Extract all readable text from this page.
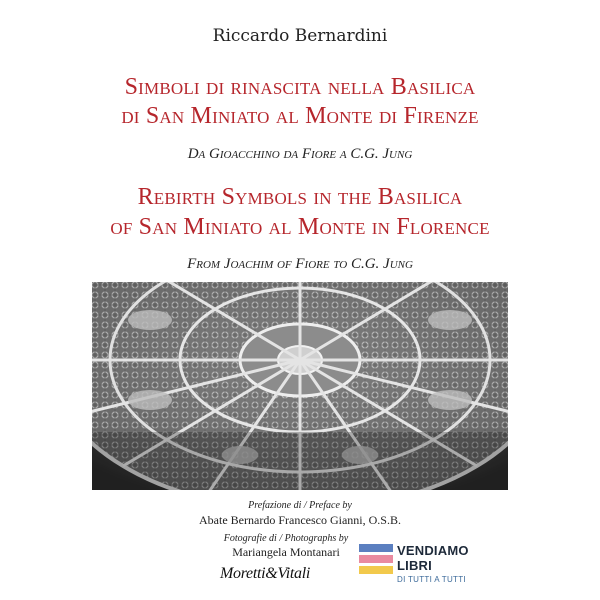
Riccardo Bernardini
Simboli di rinascita nella Basilica
di San Miniato al Monte di Firenze
Da Gioacchino da Fiore a C.G. Jung
Rebirth Symbols in the Basilica
of San Miniato al Monte in Florence
From Joachim of Fiore to C.G. Jung
Prefazione di / Preface by
Abate Bernardo Francesco Gianni, O.S.B.
Fotografie di / Photographs by
Mariangela Montanari
Moretti&Vitali
VENDIAMO
LIBRI
DI TUTTI A TUTTI
